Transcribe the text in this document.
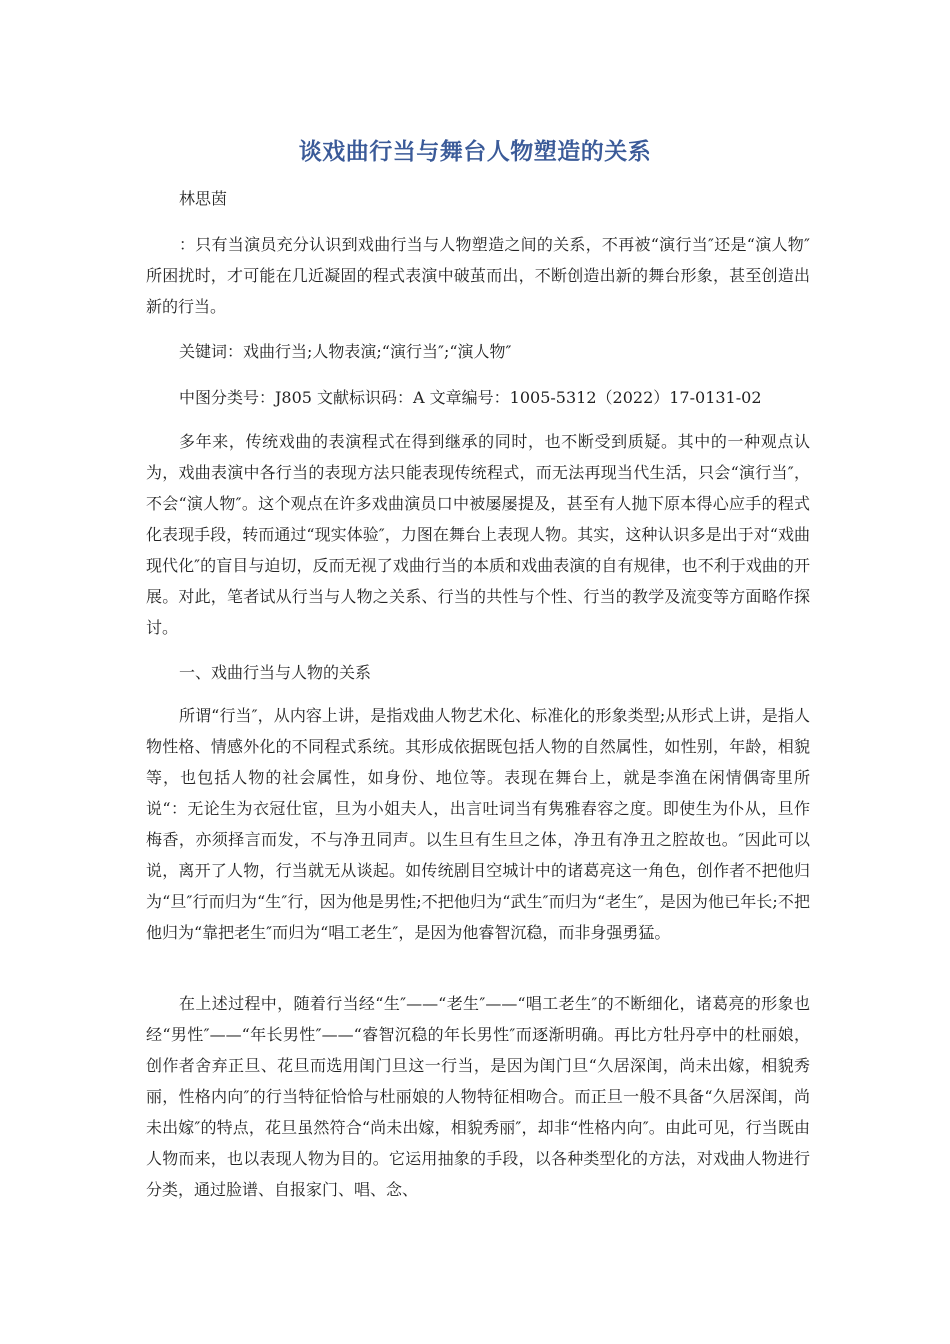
谈戏曲行当与舞台人物塑造的关系
林思茵

：只有当演员充分认识到戏曲行当与人物塑造之间的关系，不再被“演行当″还是“演人物″所困扰时，才可能在几近凝固的程式表演中破茧而出，不断创造出新的舞台形象，甚至创造出新的行当。

关键词：戏曲行当;人物表演;“演行当″;“演人物″

中图分类号：J805 文献标识码：A 文章编号：1005-5312（2022）17-0131-02

多年来，传统戏曲的表演程式在得到继承的同时，也不断受到质疑。其中的一种观点认为，戏曲表演中各行当的表现方法只能表现传统程式，而无法再现当代生活，只会“演行当″，不会“演人物″。这个观点在许多戏曲演员口中被屡屡提及，甚至有人抛下原本得心应手的程式化表现手段，转而通过“现实体验″，力图在舞台上表现人物。其实，这种认识多是出于对“戏曲现代化″的盲目与迫切，反而无视了戏曲行当的本质和戏曲表演的自有规律，也不利于戏曲的开展。对此，笔者试从行当与人物之关系、行当的共性与个性、行当的教学及流变等方面略作探讨。

一、戏曲行当与人物的关系

所谓“行当″，从内容上讲，是指戏曲人物艺术化、标准化的形象类型;从形式上讲，是指人物性格、情感外化的不同程式系统。其形成依据既包括人物的自然属性，如性别，年龄，相貌等，也包括人物的社会属性，如身份、地位等。表现在舞台上，就是李渔在闲情偶寄里所说“：无论生为衣冠仕宦，旦为小姐夫人，出言吐词当有隽雅舂容之度。即使生为仆从，旦作梅香，亦须择言而发，不与净丑同声。以生旦有生旦之体，净丑有净丑之腔故也。″因此可以说，离开了人物，行当就无从谈起。如传统剧目空城计中的诸葛亮这一角色，创作者不把他归为“旦″行而归为“生″行，因为他是男性;不把他归为“武生″而归为“老生″，是因为他已年长;不把他归为“靠把老生″而归为“唱工老生″，是因为他睿智沉稳，而非身强勇猛。

在上述过程中，随着行当经“生″——“老生″——“唱工老生″的不断细化，诸葛亮的形象也经“男性″——“年长男性″——“睿智沉稳的年长男性″而逐渐明确。再比方牡丹亭中的杜丽娘，创作者舍弃正旦、花旦而选用闺门旦这一行当，是因为闺门旦“久居深闺，尚未出嫁，相貌秀丽，性格内向″的行当特征恰恰与杜丽娘的人物特征相吻合。而正旦一般不具备“久居深闺，尚未出嫁″的特点，花旦虽然符合“尚未出嫁，相貌秀丽″，却非“性格内向″。由此可见，行当既由人物而来，也以表现人物为目的。它运用抽象的手段，以各种类型化的方法，对戏曲人物进行分类，通过脸谱、自报家门、唱、念、
